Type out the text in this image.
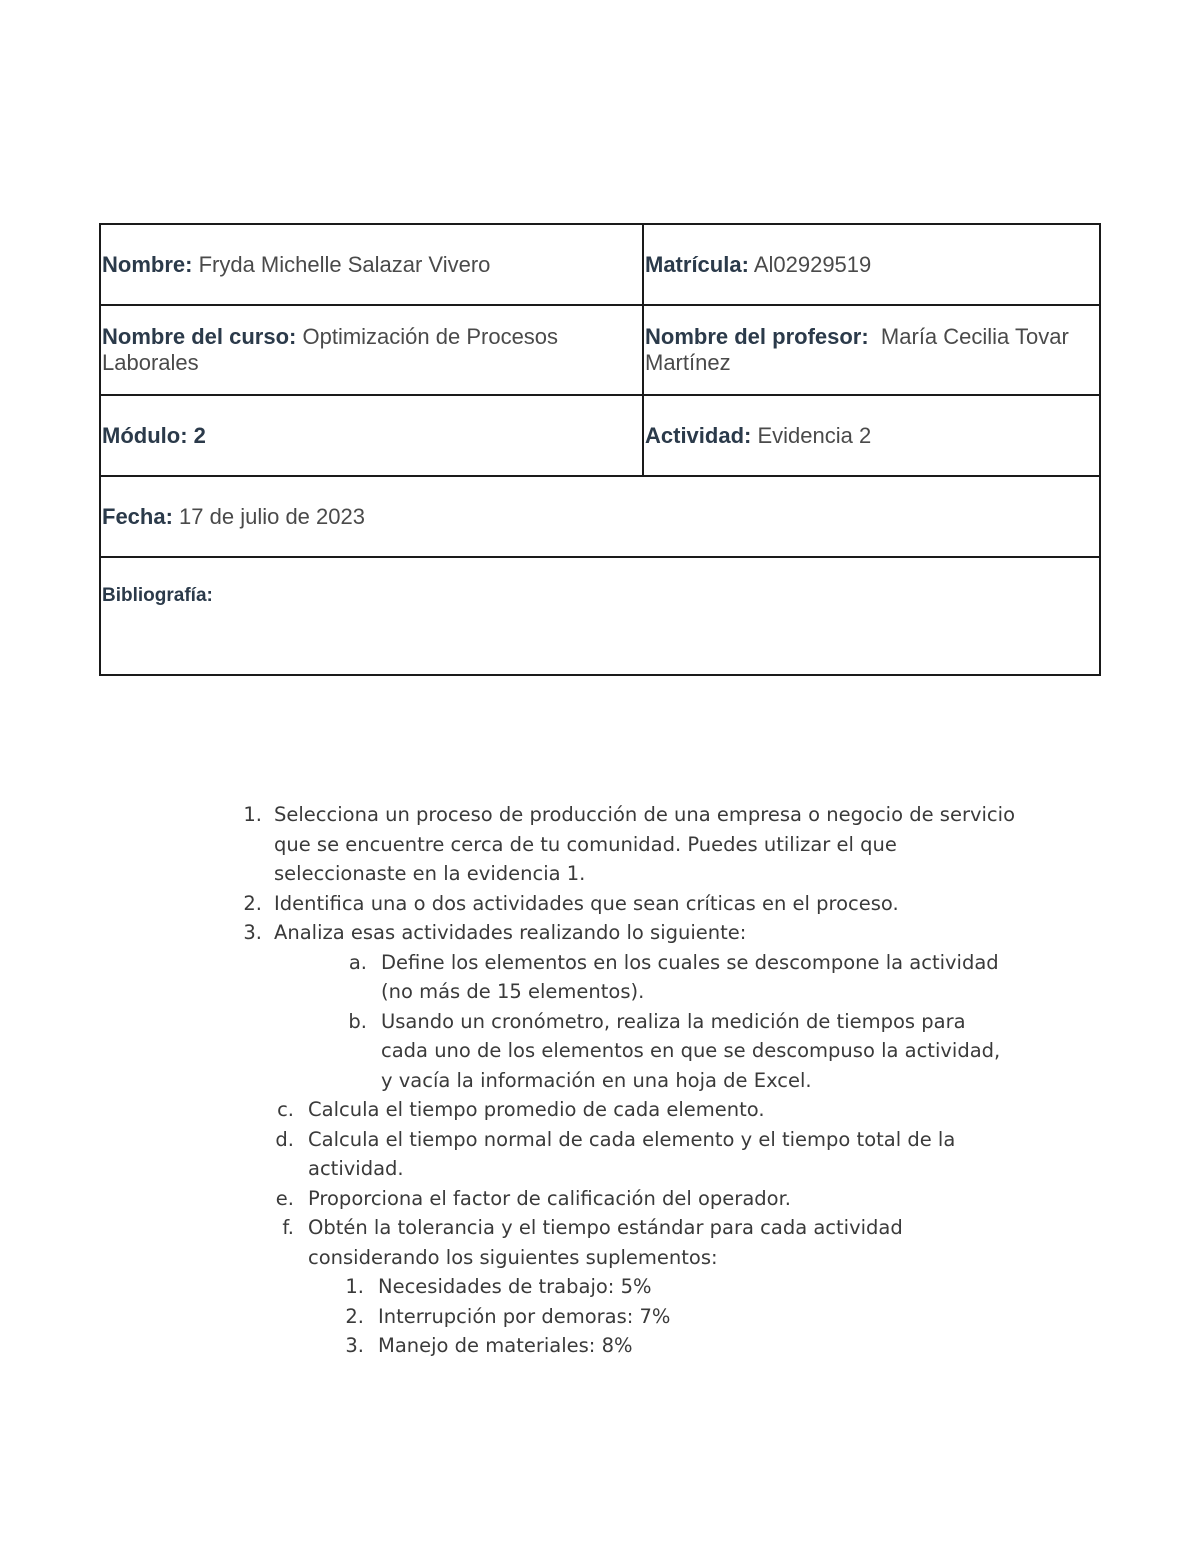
Nombre: Fryda Michelle Salazar Vivero	Matrícula: Al02929519
Nombre del curso: Optimización de Procesos Laborales	Nombre del profesor:  María Cecilia Tovar Martínez
Módulo: 2	Actividad: Evidencia 2
Fecha: 17 de julio de 2023	
Bibliografía:	
1. Selecciona un proceso de producción de una empresa o negocio de servicio que se encuentre cerca de tu comunidad. Puedes utilizar el que seleccionaste en la evidencia 1.
2. Identifica una o dos actividades que sean críticas en el proceso.
3. Analiza esas actividades realizando lo siguiente:
a. Define los elementos en los cuales se descompone la actividad (no más de 15 elementos).
b. Usando un cronómetro, realiza la medición de tiempos para cada uno de los elementos en que se descompuso la actividad, y vacía la información en una hoja de Excel.
c. Calcula el tiempo promedio de cada elemento.
d. Calcula el tiempo normal de cada elemento y el tiempo total de la actividad.
e. Proporciona el factor de calificación del operador.
f. Obtén la tolerancia y el tiempo estándar para cada actividad considerando los siguientes suplementos:
1. Necesidades de trabajo: 5%
2. Interrupción por demoras: 7%
3. Manejo de materiales: 8%
